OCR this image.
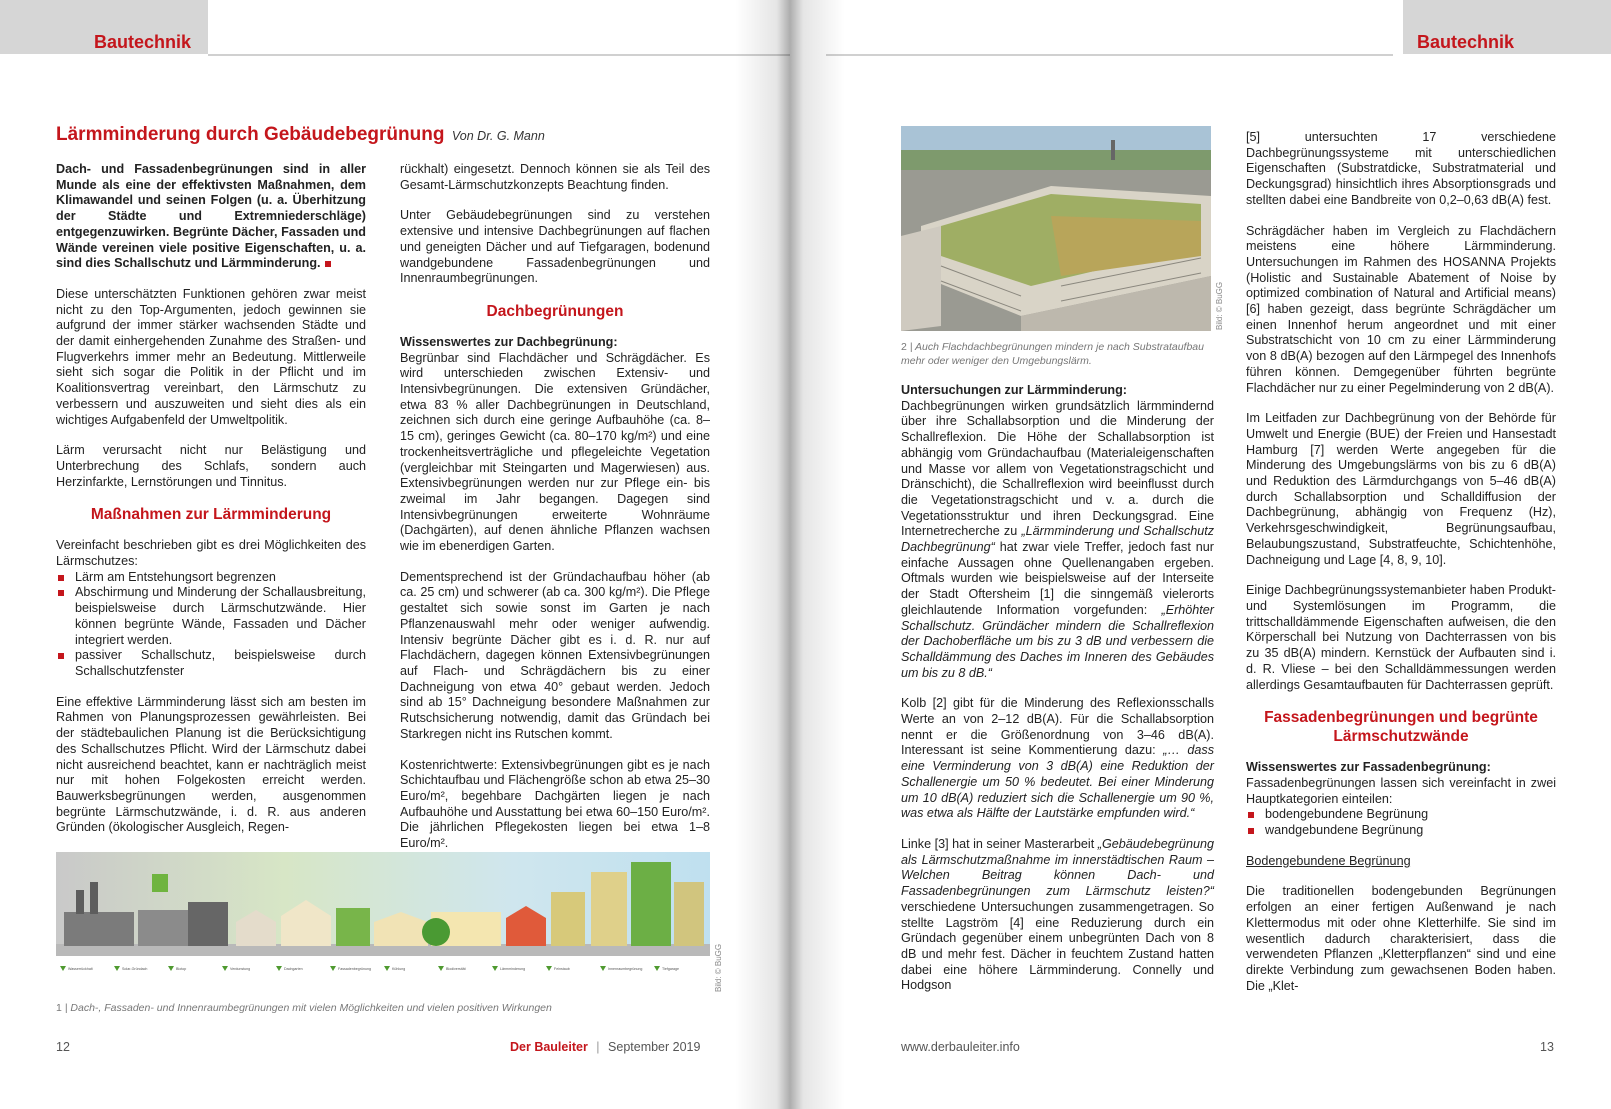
Bautechnik
Lärmminderung durch Gebäudebegrünung Von Dr. G. Mann

Dach- und Fassadenbegrünungen sind in aller Munde als eine der effektivsten Maßnahmen, dem Klimawandel und seinen Folgen (u. a. Überhitzung der Städte und Extremniederschläge) entgegenzuwirken. Begrünte Dächer, Fassaden und Wände vereinen viele positive Eigenschaften, u. a. sind dies Schallschutz und Lärmminderung.

Diese unterschätzten Funktionen gehören zwar meist nicht zu den Top-Argumenten, jedoch gewinnen sie aufgrund der immer stärker wachsenden Städte und der damit einhergehenden Zunahme des Straßen- und Flugverkehrs immer mehr an Bedeutung. Mittlerweile sieht sich sogar die Politik in der Pflicht und im Koalitionsvertrag vereinbart, den Lärmschutz zu verbessern und auszuweiten und sieht dies als ein wichtiges Aufgabenfeld der Umweltpolitik.

Lärm verursacht nicht nur Belästigung und Unterbrechung des Schlafs, sondern auch Herzinfarkte, Lernstörungen und Tinnitus.

Maßnahmen zur Lärmminderung

Vereinfacht beschrieben gibt es drei Möglichkeiten des Lärmschutzes:

Lärm am Entstehungsort begrenzen
Abschirmung und Minderung der Schallausbreitung, beispielsweise durch Lärmschutzwände. Hier können begrünte Wände, Fassaden und Dächer integriert werden.
passiver Schallschutz, beispielsweise durch Schallschutzfenster

Eine effektive Lärmminderung lässt sich am besten im Rahmen von Planungsprozessen gewährleisten. Bei der städtebaulichen Planung ist die Berücksichtigung des Schallschutzes Pflicht. Wird der Lärmschutz dabei nicht ausreichend beachtet, kann er nachträglich meist nur mit hohen Folgekosten erreicht werden. Bauwerksbegrünungen werden, ausgenommen begrünte Lärmschutzwände, i. d. R. aus anderen Gründen (ökologischer Ausgleich, Regen-

rückhalt) eingesetzt. Dennoch können sie als Teil des Gesamt-Lärmschutzkonzepts Beachtung finden.

Unter Gebäudebegrünungen sind zu verstehen extensive und intensive Dachbegrünungen auf flachen und geneigten Dächer und auf Tiefgaragen, bodenund wandgebundene Fassadenbegrünungen und Innenraumbegrünungen.

Dachbegrünungen
Wissenswertes zur Dachbegrünung:

Begrünbar sind Flachdächer und Schrägdächer. Es wird unterschieden zwischen Extensiv- und Intensivbegrünungen. Die extensiven Gründächer, etwa 83 % aller Dachbegrünungen in Deutschland, zeichnen sich durch eine geringe Aufbauhöhe (ca. 8–15 cm), geringes Gewicht (ca. 80–170 kg/m²) und eine trockenheitsverträgliche und pflegeleichte Vegetation (vergleichbar mit Steingarten und Magerwiesen) aus. Extensivbegrünungen werden nur zur Pflege ein- bis zweimal im Jahr begangen. Dagegen sind Intensivbegrünungen erweiterte Wohnräume (Dachgärten), auf denen ähnliche Pflanzen wachsen wie im ebenerdigen Garten.

Dementsprechend ist der Gründachaufbau höher (ab ca. 25 cm) und schwerer (ab ca. 300 kg/m²). Die Pflege gestaltet sich sowie sonst im Garten je nach Pflanzenauswahl mehr oder weniger aufwendig. Intensiv begrünte Dächer gibt es i. d. R. nur auf Flachdächern, dagegen können Extensivbegrünungen auf Flach- und Schrägdächern bis zu einer Dachneigung von etwa 40° gebaut werden. Jedoch sind ab 15° Dachneigung besondere Maßnahmen zur Rutschsicherung notwendig, damit das Gründach bei Starkregen nicht ins Rutschen kommt.

Kostenrichtwerte: Extensivbegrünungen gibt es je nach Schichtaufbau und Flächengröße schon ab etwa 25–30 Euro/m², begehbare Dachgärten liegen je nach Aufbauhöhe und Ausstattung bei etwa 60–150 Euro/m². Die jährlichen Pflegekosten liegen bei etwa 1–8 Euro/m².

Wasserrückhalt	Solar-Gründach	Biotop	Verdunstung	Dachgarten	Fassadenbegrünung	Kühlung	Biodiversität	Lärmminderung	Feinstaub	Innenraumbegrünung	Tiefgarage	Bild: © BuGG
1 | Dach-, Fassaden- und Innenraumbegrünungen mit vielen Möglichkeiten und vielen positiven Wirkungen
12	Der Bauleiter | September 2019
Bautechnik
Bild: © BuGG
2 | Auch Flachdachbegrünungen mindern je nach Substrataufbau mehr oder weniger den Umgebungslärm.
Untersuchungen zur Lärmminderung:

Dachbegrünungen wirken grundsätzlich lärmmindernd über ihre Schallabsorption und die Minderung der Schallreflexion. Die Höhe der Schallabsorption ist abhängig vom Gründachaufbau (Materialeigenschaften und Masse vor allem von Vegetationstragschicht und Dränschicht), die Schallreflexion wird beeinflusst durch die Vegetationstragschicht und v. a. durch die Vegetationsstruktur und ihren Deckungsgrad. Eine Internetrecherche zu „Lärmminderung und Schallschutz Dachbegrünung“ hat zwar viele Treffer, jedoch fast nur einfache Aussagen ohne Quellenangaben ergeben. Oftmals wurden wie beispielsweise auf der Interseite der Stadt Oftersheim [1] die sinngemäß vielerorts gleichlautende Information vorgefunden: „Erhöhter Schallschutz. Gründächer mindern die Schallreflexion der Dachoberfläche um bis zu 3 dB und verbessern die Schalldämmung des Daches im Inneren des Gebäudes um bis zu 8 dB.“

Kolb [2] gibt für die Minderung des Reflexionsschalls Werte an von 2–12 dB(A). Für die Schallabsorption nennt er die Größenordnung von 3–46 dB(A). Interessant ist seine Kommentierung dazu: „… dass eine Verminderung von 3 dB(A) eine Reduktion der Schallenergie um 50 % bedeutet. Bei einer Minderung um 10 dB(A) reduziert sich die Schallenergie um 90 %, was etwa als Hälfte der Lautstärke empfunden wird.“

Linke [3] hat in seiner Masterarbeit „Gebäudebegrünung als Lärmschutzmaßnahme im innerstädtischen Raum – Welchen Beitrag können Dach- und Fassadenbegrünungen zum Lärmschutz leisten?“ verschiedene Untersuchungen zusammengetragen. So stellte Lagström [4] eine Reduzierung durch ein Gründach gegenüber einem unbegrünten Dach von 8 dB und mehr fest. Dächer in feuchtem Zustand hatten dabei eine höhere Lärmminderung. Connelly und Hodgson

[5] untersuchten 17 verschiedene Dachbegrünungssysteme mit unterschiedlichen Eigenschaften (Substratdicke, Substratmaterial und Deckungsgrad) hinsichtlich ihres Absorptionsgrads und stellten dabei eine Bandbreite von 0,2–0,63 dB(A) fest.

Schrägdächer haben im Vergleich zu Flachdächern meistens eine höhere Lärmminderung. Untersuchungen im Rahmen des HOSANNA Projekts (Holistic and Sustainable Abatement of Noise by optimized combination of Natural and Artificial means) [6] haben gezeigt, dass begrünte Schrägdächer um einen Innenhof herum angeordnet und mit einer Substratschicht von 10 cm zu einer Lärmminderung von 8 dB(A) bezogen auf den Lärmpegel des Innenhofs führen können. Demgegenüber führten begrünte Flachdächer nur zu einer Pegelminderung von 2 dB(A).

Im Leitfaden zur Dachbegrünung von der Behörde für Umwelt und Energie (BUE) der Freien und Hansestadt Hamburg [7] werden Werte angegeben für die Minderung des Umgebungslärms von bis zu 6 dB(A) und Reduktion des Lärmdurchgangs von 5–46 dB(A) durch Schallabsorption und Schalldiffusion der Dachbegrünung, abhängig von Frequenz (Hz), Verkehrsgeschwindigkeit, Begrünungsaufbau, Belaubungszustand, Substratfeuchte, Schichtenhöhe, Dachneigung und Lage [4, 8, 9, 10].

Einige Dachbegrünungssystemanbieter haben Produkt- und Systemlösungen im Programm, die trittschalldämmende Eigenschaften aufweisen, die den Körperschall bei Nutzung von Dachterrassen von bis zu 35 dB(A) mindern. Kernstück der Aufbauten sind i. d. R. Vliese – bei den Schalldämmessungen werden allerdings Gesamtaufbauten für Dachterrassen geprüft.

Fassadenbegrünungen und begrünte Lärmschutzwände
Wissenswertes zur Fassadenbegrünung:

Fassadenbegrünungen lassen sich vereinfacht in zwei Hauptkategorien einteilen:

bodengebundene Begrünung
wandgebundene Begrünung
Bodengebundene Begrünung

Die traditionellen bodengebunden Begrünungen erfolgen an einer fertigen Außenwand je nach Klettermodus mit oder ohne Kletterhilfe. Sie sind im wesentlich dadurch charakterisiert, dass die verwendeten Pflanzen „Kletterpflanzen“ sind und eine direkte Verbindung zum gewachsenen Boden haben. Die „Klet-

www.derbauleiter.info	13
